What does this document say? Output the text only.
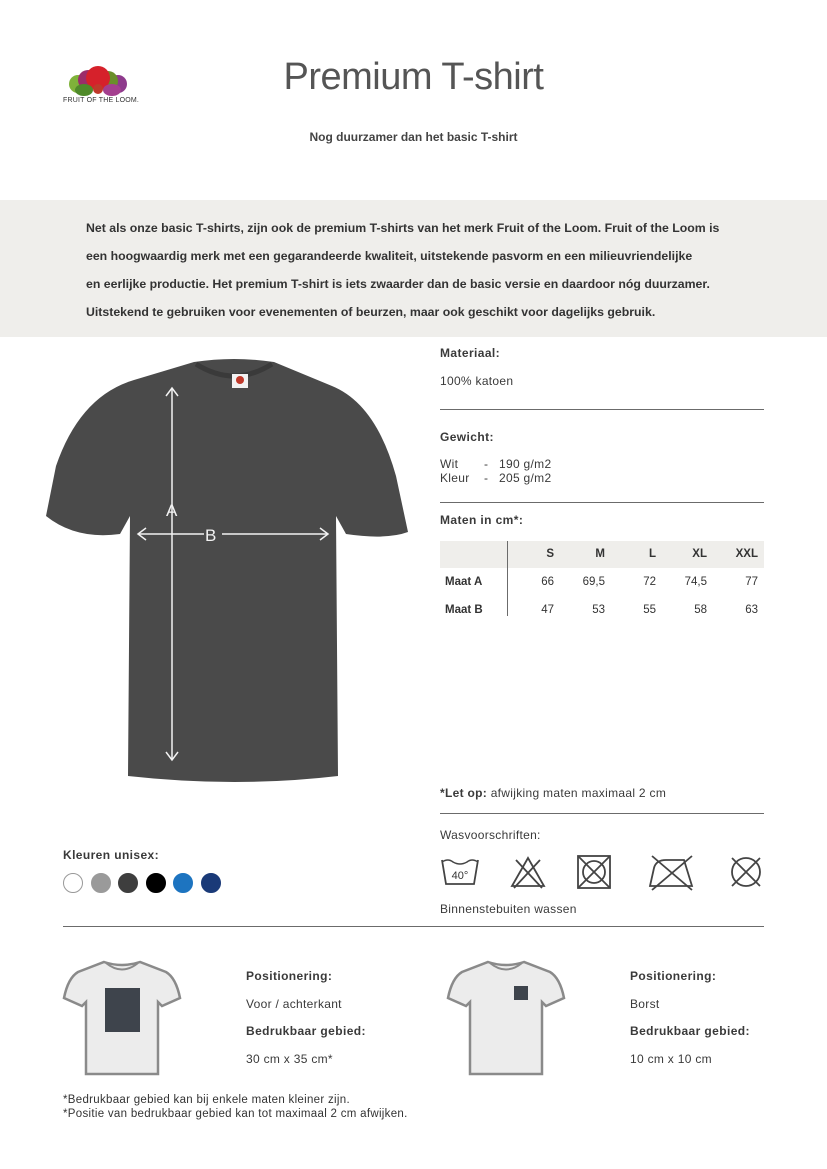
FRUIT OF THE LOOM.
Premium T-shirt
Nog duurzamer dan het basic T-shirt

Net als onze basic T-shirts, zijn ook de premium T-shirts van het merk Fruit of the Loom. Fruit of the Loom is
een hoogwaardig merk met een gegarandeerde kwaliteit, uitstekende pasvorm en een milieuvriendelijke
en eerlijke productie. Het premium T-shirt is iets zwaarder dan de basic versie en daardoor nóg duurzamer.
Uitstekend te gebruiken voor evenementen of beurzen, maar ook geschikt voor dagelijks gebruik.

A
B
Materiaal:
100% katoen
Gewicht:
Wit - 190 g/m2
Kleur - 205 g/m2
Maten in cm*:
	S	M	L	XL	XXL
Maat A	66	69,5	72	74,5	77
Maat B	47	53	55	58	63
*Let op: afwijking maten maximaal 2 cm
Wasvoorschriften:
40°
Binnenstebuiten wassen
Kleuren unisex:
Positionering:
Voor / achterkant
Bedrukbaar gebied:
30 cm x 35 cm*
Positionering:
Borst
Bedrukbaar gebied:
10 cm x 10 cm
*Bedrukbaar gebied kan bij enkele maten kleiner zijn.
*Positie van bedrukbaar gebied kan tot maximaal 2 cm afwijken.
